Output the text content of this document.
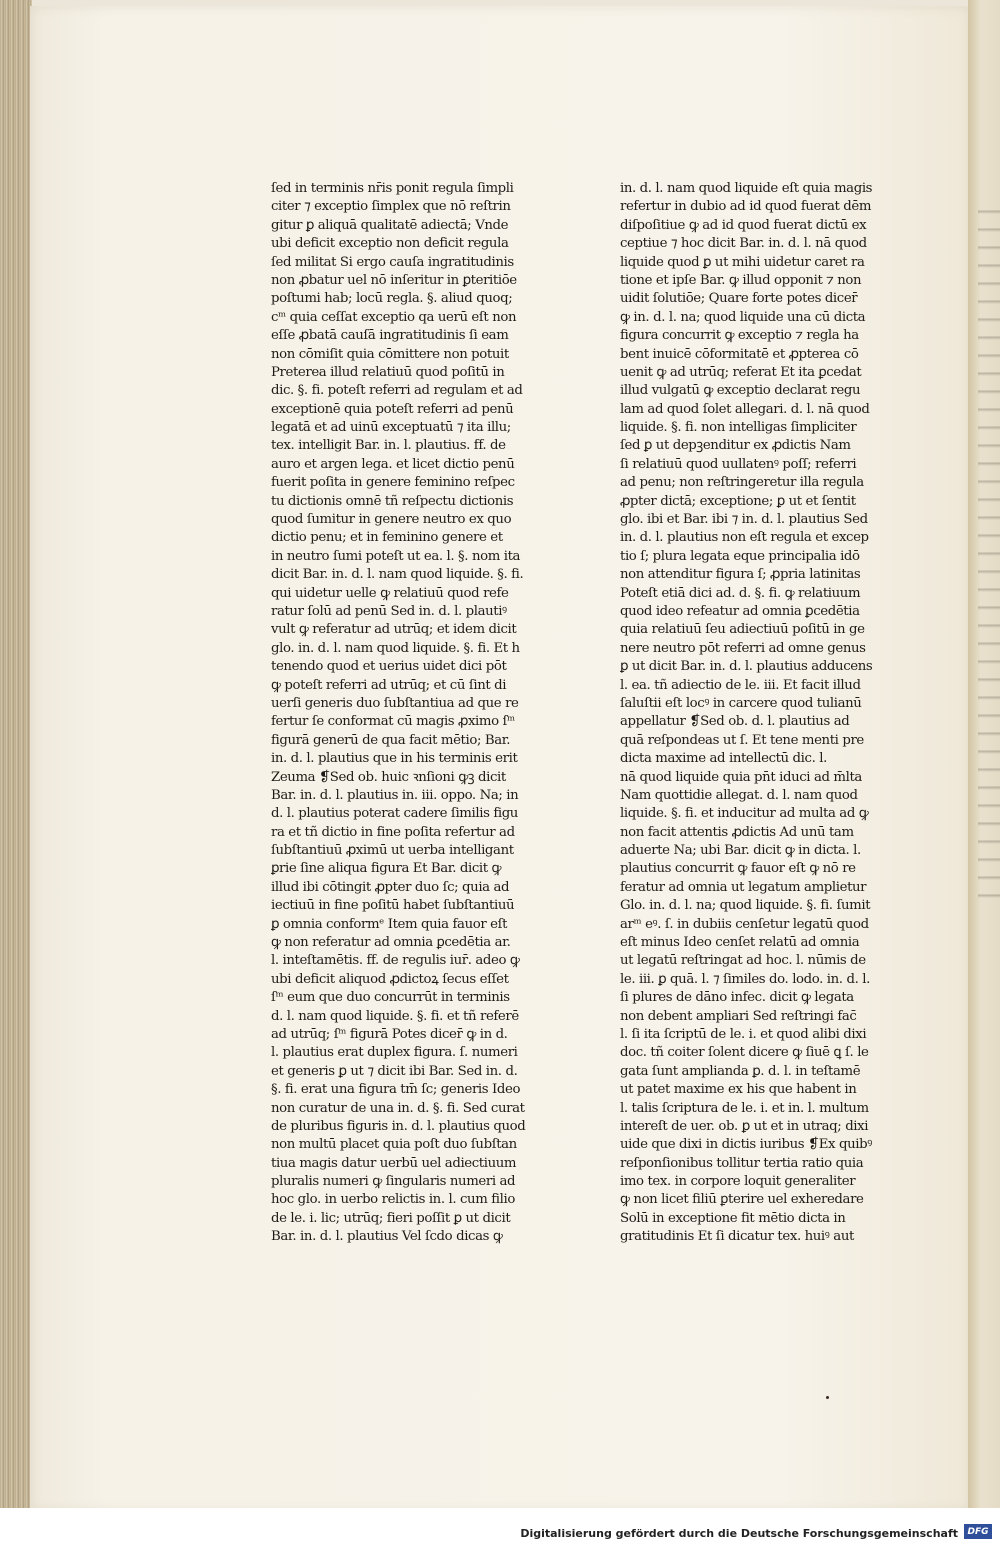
ſed in terminis nr̄is ponit̄ regula ſimpli
citer ⁊ exceptio ſimplex que nō reſtrin
gitur ꝑ aliquā qualitatē adiectā; Vnde
ubi deficit exceptio non deficit regula
ſed militat Si ergo cauſa ingratitudinis
non ꝓbatur uel nō inſeritur in ꝑteritiōe
poſtumi hab; locū regla. §. aliud quoq;
cᵐ quia ceſſat exceptio qa uerū eſt non
eſſe ꝓbatā cauſā ingratitudinis ſi eam
non cōmiſit quia cōmittere non potuit
Preterea illud relatiuū quod poſitū in
dic. §. fi. poteſt referri ad regulam et ad
exceptionē quia poteſt referri ad penū
legatā et ad uinū exceptuatū ⁊ ita illu;
tex. intelligit Bar. in. l. plautius. ff. de
auro et argen lega. et licet dictio penū
fuerit poſita in genere feminino reſpec
tu dictionis omnē tñ reſpectu dictionis
quod ſumitur in genere neutro ex quo
dictio penu; et in feminino genere et
in neutro ſumi poteſt ut ea. l. §. nom ita
dicit Bar. in. d. l. nam quod liquide. §. fi.
qui uidetur uelle ꝙ relatiuū quod refe
ratur ſolū ad penū Sed in. d. l. plautiꝰ
vult ꝙ referatur ad utrūq; et idem dicit
glo. in. d. l. nam quod liquide. §. fi. Et h̄
tenendo quod et uerius uidet̄ dici pōt
ꝙ poteſt referri ad utrūq; et cū ſint di
uerſi generis duo ſubſtantiua ad que re
fertur ſe conformat cū magis ꝓximo ſᵐ
figurā generū de qua facit mētio; Bar.
in. d. l. plautius que in his terminis erit
Zeuma ❡Sed ob. huic ꝛnſioni ꝙꝫ dicit
Bar. in. d. l. plautius in. iii. oppo. Na; in
d. l. plautius poterat cadere ſimilis figu
ra et tñ dictio in fine poſita refertur ad
ſubſtantiuū ꝓximū ut uerba intelligant̄
ꝑrie ſine aliqua figura Et Bar. dicit ꝙ
illud ibi cōtingit ꝓpter duo ſc; quia ad
iectiuū in fine poſitū habet ſubſtantiuū
ꝑ omnia conformᵉ Item quia fauor eſt
ꝙ non referatur ad omnia ꝑcedētia ar.
l. inteſtamētis. ff. de regulis iur̄. adeo ꝙ
ubi deficit aliquod ꝓdictoꝝ ſecus eſſet
ſᵐ eum que duo concurrūt in terminis
d. l. nam quod liquide. §. fi. et tñ referē
ad utrūq; ſᵐ figurā Potes dicer̄ ꝙ in d.
l. plautius erat duplex figura. ſ. numeri
et generis ꝑ ut ⁊ dicit ibi Bar. Sed in. d.
§. fi. erat una figura tm̄ ſc; generis Ideo
non curatur de una in. d. §. fi. Sed curat̄
de pluribus figuris in. d. l. plautius quod
non multū placet quia poſt duo ſubſtan
tiua magis datur uerbū uel adiectiuum
pluralis numeri ꝙ ſingularis numeri ad
hoc glo. in uerbo relictis in. l. cum filio
de le. i. lic; utrūq; fieri poſſit ꝑ ut dicit
Bar. in. d. l. plautius Vel ſcd̄o dicas ꝙ
in. d. l. nam quod liquide eſt quia magis
refertur in dubio ad id quod fuerat dēm
diſpoſitiue ꝙ ad id quod fuerat dictū ex
ceptiue ⁊ hoc dicit Bar. in. d. l. nā quod
liquide quod ꝑ ut mihi uidetur caret ra
tione et ipſe Bar. ꝙ illud opponit ⁊ non
uidit ſolutiōe; Quare forte potes dicer̄
ꝙ in. d. l. na; quod liquide una cū dicta
figura concurrit ꝙ exceptio ⁊ regla ha
bent inuicē cōformitatē et ꝓpterea cō
uenit ꝙ ad utrūq; referat̄ Et ita ꝑcedat
illud vulgatū ꝙ exceptio declarat regu
lam ad quod ſolet allegari. d. l. nā quod
liquide. §. fi. non intelligas ſimpliciter
ſed ꝑ ut depꝫenditur ex ꝓdictis Nam
ſi relatiuū quod uullatenꝰ poſſ; referri
ad penu; non reſtringeretur illa regula
ꝓpter dictā; exceptione; ꝑ ut et ſentit
glo. ibi et Bar. ibi ⁊ in. d. l. plautius Sed
in. d. l. plautius non eſt regula et excep
tio ſ; plura legata eque principalia idō
non attenditur figura ſ; ꝓpria latinitas
Poteſt etiā dici ad. d. §. fi. ꝙ relatiuum
quod ideo refeatur ad omnia ꝑcedētia
quia relatiuū ſeu adiectiuū poſitū in ge
nere neutro pōt referri ad omne genus
ꝑ ut dicit Bar. in. d. l. plautius adducens
l. ea. tñ adiectio de le. iii. Et facit illud
ſaluſtii eſt locꝰ in carcere quod tulianū
appellatur ❡Sed ob. d. l. plautius ad
quā reſpondeas ut ſ. Et tene menti pre
dicta maxime ad intellectū dic. l.
nā quod liquide quia pn̄t iduci ad m̄lta
Nam quottidie allegat. d. l. nam quod
liquide. §. fi. et inducitur ad multa ad ꝙ
non facit attentis ꝓdictis Ad unū tam
aduerte Na; ubi Bar. dicit ꝙ in dicta. l.
plautius concurrit ꝙ fauor eſt ꝙ nō re
feratur ad omnia ut legatum amplietur
Glo. in. d. l. na; quod liquide. §. fi. ſumit
arᵐ eꝰ. ſ. in dubiis cenſetur legatū quod
eſt minus Ideo cenſet̄ relatū ad omnia
ut legatū reſtringat̄ ad hoc. l. nūmis de
le. iii. ꝑ quā. l. ⁊ ſimiles do. lodo. in. d. l.
ſi plures de dāno infec. dicit ꝙ legata
non debent ampliari Sed reſtringi fac̄
l. ſi ita ſcriptū de le. i. et quod alibi dixi
doc. tñ coiter ſolent dicere ꝙ ſiuē ꝗ ſ. le
gata ſunt amplianda ꝑ. d. l. in teſtamē
ut patet maxime ex his que habent̄ in
l. talis ſcriptura de le. i. et in. l. multum
intereſt de uer. ob. ꝑ ut et in utraq; dixi
uide que dixi in dictis iuribus ❡Ex quibꝰ
reſponſionibus tollitur tertia ratio quia
imo tex. in corpore loquit̄ generaliter
ꝙ non licet filiū ꝑterire uel exheredare
Solū in exceptione fit mētio dicta in
gratitudinis Et ſi dicatur tex. huiꝰ aut
Digitalisierung gefördert durch die Deutsche Forschungsgemeinschaft	DFG
